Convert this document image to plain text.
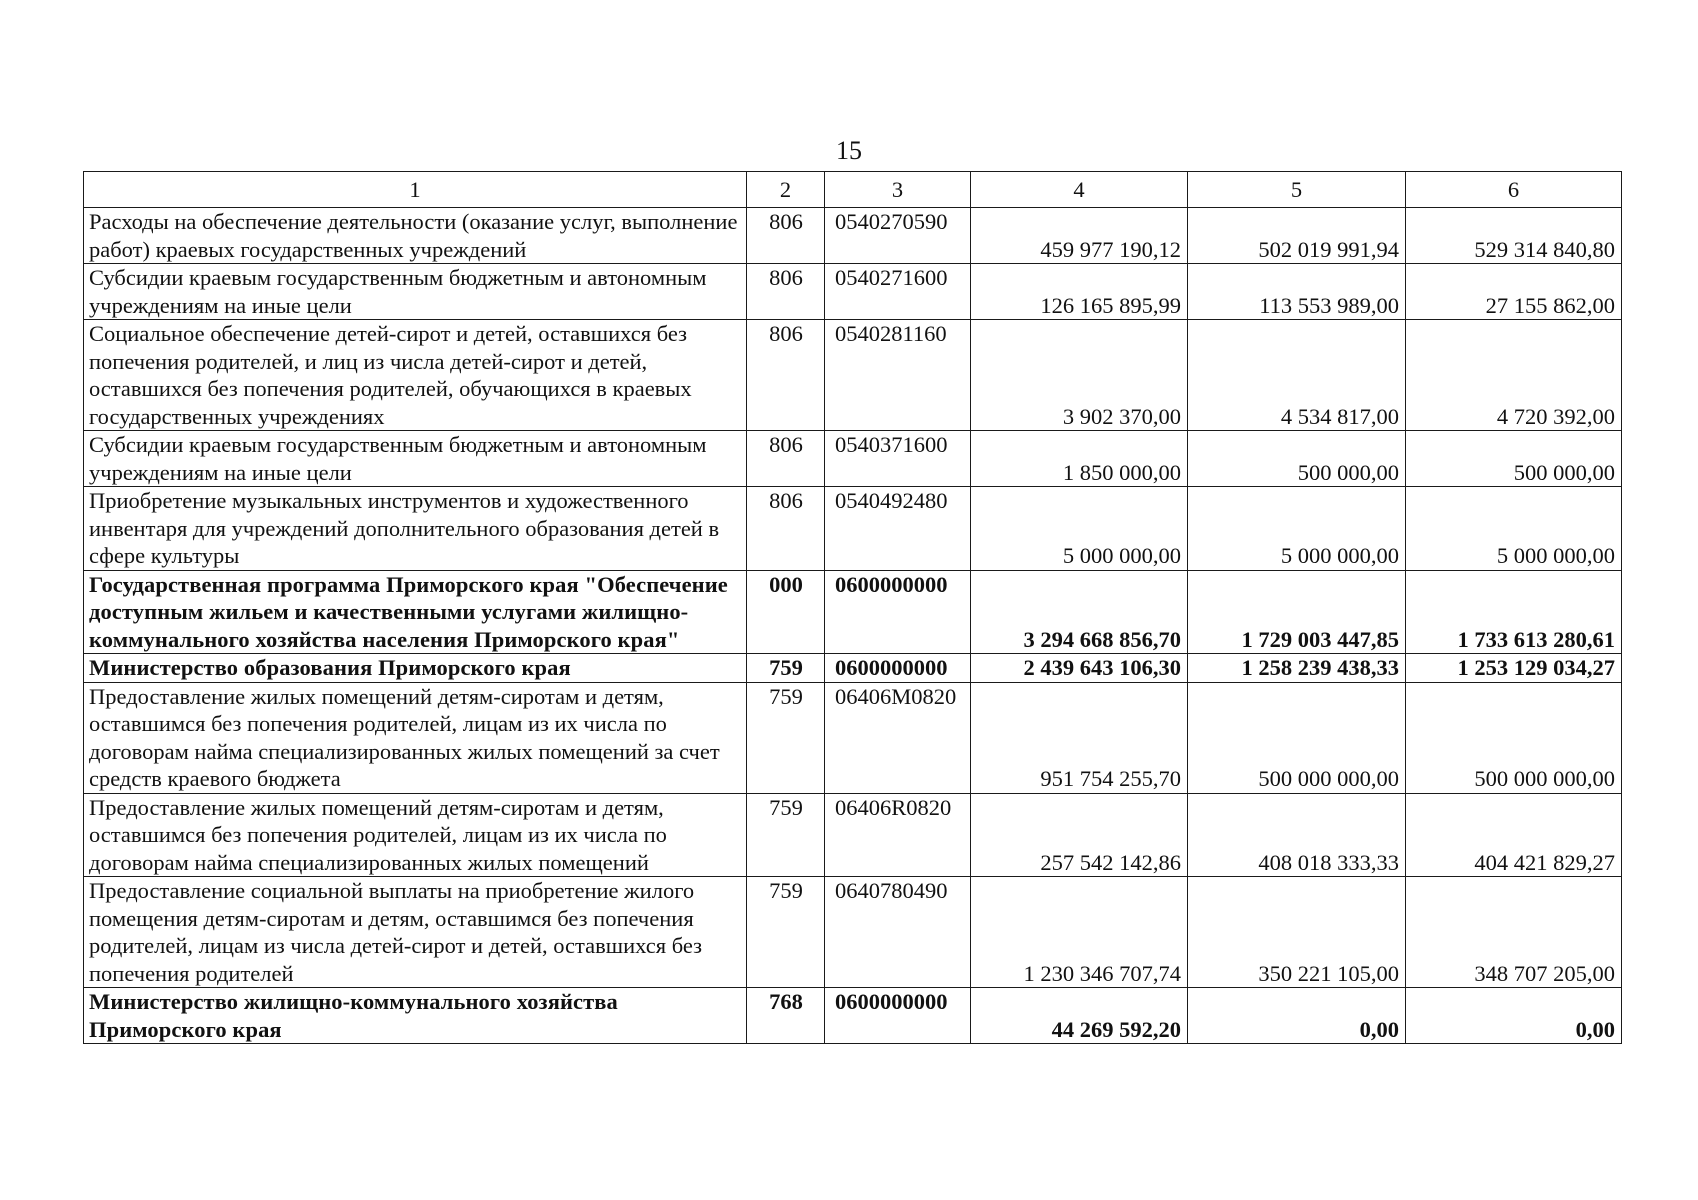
15
1	2	3	4	5	6
Расходы на обеспечение деятельности (оказание услуг, выполнение работ) краевых государственных учреждений	806	0540270590	459 977 190,12	502 019 991,94	529 314 840,80
Субсидии краевым государственным бюджетным и автономным учреждениям на иные цели	806	0540271600	126 165 895,99	113 553 989,00	27 155 862,00
Социальное обеспечение детей-сирот и детей, оставшихся без попечения родителей, и лиц из числа детей-сирот и детей, оставшихся без попечения родителей, обучающихся в краевых государственных учреждениях	806	0540281160	3 902 370,00	4 534 817,00	4 720 392,00
Субсидии краевым государственным бюджетным и автономным учреждениям на иные цели	806	0540371600	1 850 000,00	500 000,00	500 000,00
Приобретение музыкальных инструментов и художественного инвентаря для учреждений дополнительного образования детей в сфере культуры	806	0540492480	5 000 000,00	5 000 000,00	5 000 000,00
Государственная программа Приморского края "Обеспечение доступным жильем и качественными услугами жилищно-коммунального хозяйства населения Приморского края"	000	0600000000	3 294 668 856,70	1 729 003 447,85	1 733 613 280,61
Министерство образования Приморского края	759	0600000000	2 439 643 106,30	1 258 239 438,33	1 253 129 034,27
Предоставление жилых помещений детям-сиротам и детям, оставшимся без попечения родителей, лицам из их числа по договорам найма специализированных жилых помещений за счет средств краевого бюджета	759	06406М0820	951 754 255,70	500 000 000,00	500 000 000,00
Предоставление жилых помещений детям-сиротам и детям, оставшимся без попечения родителей, лицам из их числа по договорам найма специализированных жилых помещений	759	06406R0820	257 542 142,86	408 018 333,33	404 421 829,27
Предоставление социальной выплаты на приобретение жилого помещения детям-сиротам и детям, оставшимся без попечения родителей, лицам из числа детей-сирот и детей, оставшихся без попечения родителей	759	0640780490	1 230 346 707,74	350 221 105,00	348 707 205,00
Министерство жилищно-коммунального хозяйства Приморского края	768	0600000000	44 269 592,20	0,00	0,00
